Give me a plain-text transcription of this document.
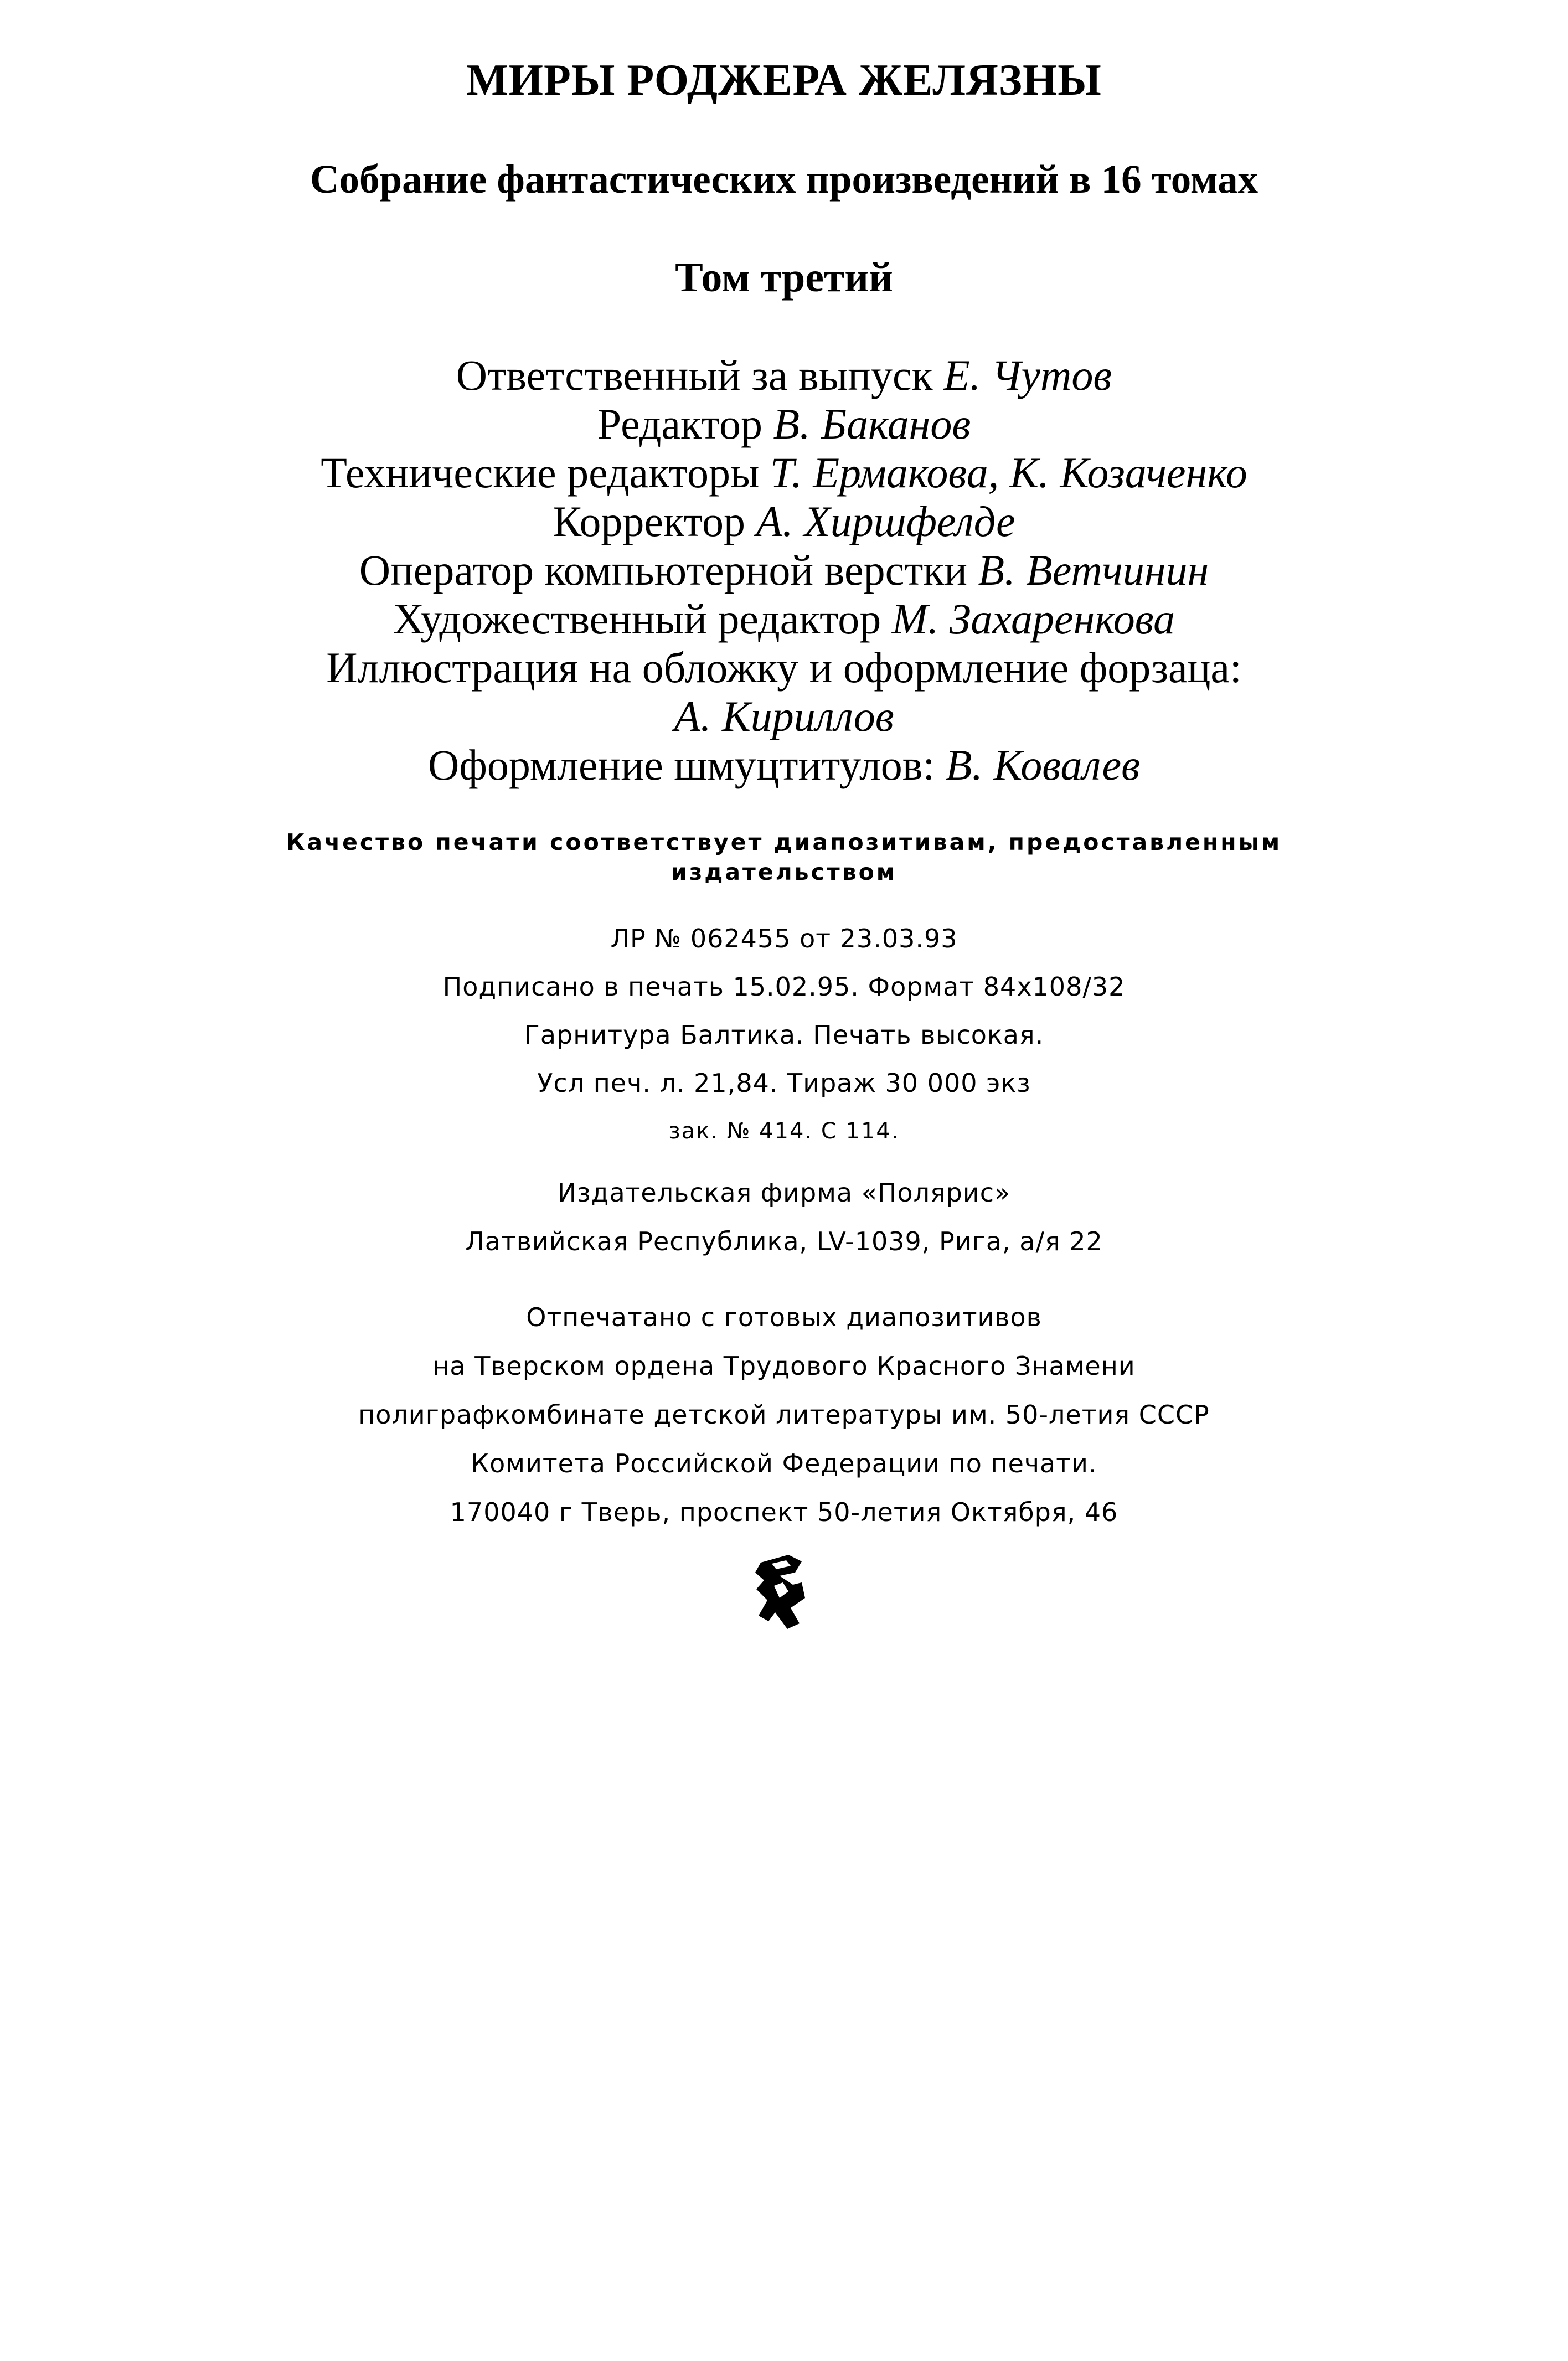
МИРЫ РОДЖЕРА ЖЕЛЯЗНЫ
Собрание фантастических произведений в 16 томах
Том третий
Ответственный за выпуск Е. Чутов
Редактор В. Баканов
Технические редакторы Т. Ермакова, К. Козаченко
Корректор А. Хиршфелде
Оператор компьютерной верстки В. Ветчинин
Художественный редактор М. Захаренкова
Иллюстрация на обложку и оформление форзаца:
А. Кириллов
Оформление шмуцтитулов: В. Ковалев
Качество печати соответствует диапозитивам, предоставленным
издательством
ЛР № 062455 от 23.03.93
Подписано в печать 15.02.95. Формат 84х108/32
Гарнитура Балтика. Печать высокая.
Усл печ. л. 21,84. Тираж 30 000 экз
зак. № 414. С 114.
Издательская фирма «Полярис»
Латвийская Республика, LV-1039, Рига, а/я 22
Отпечатано с готовых диапозитивов
на Тверском ордена Трудового Красного Знамени
полиграфкомбинате детской литературы им. 50-летия СССР
Комитета Российской Федерации по печати.
170040 г Тверь, проспект 50-летия Октября, 46
